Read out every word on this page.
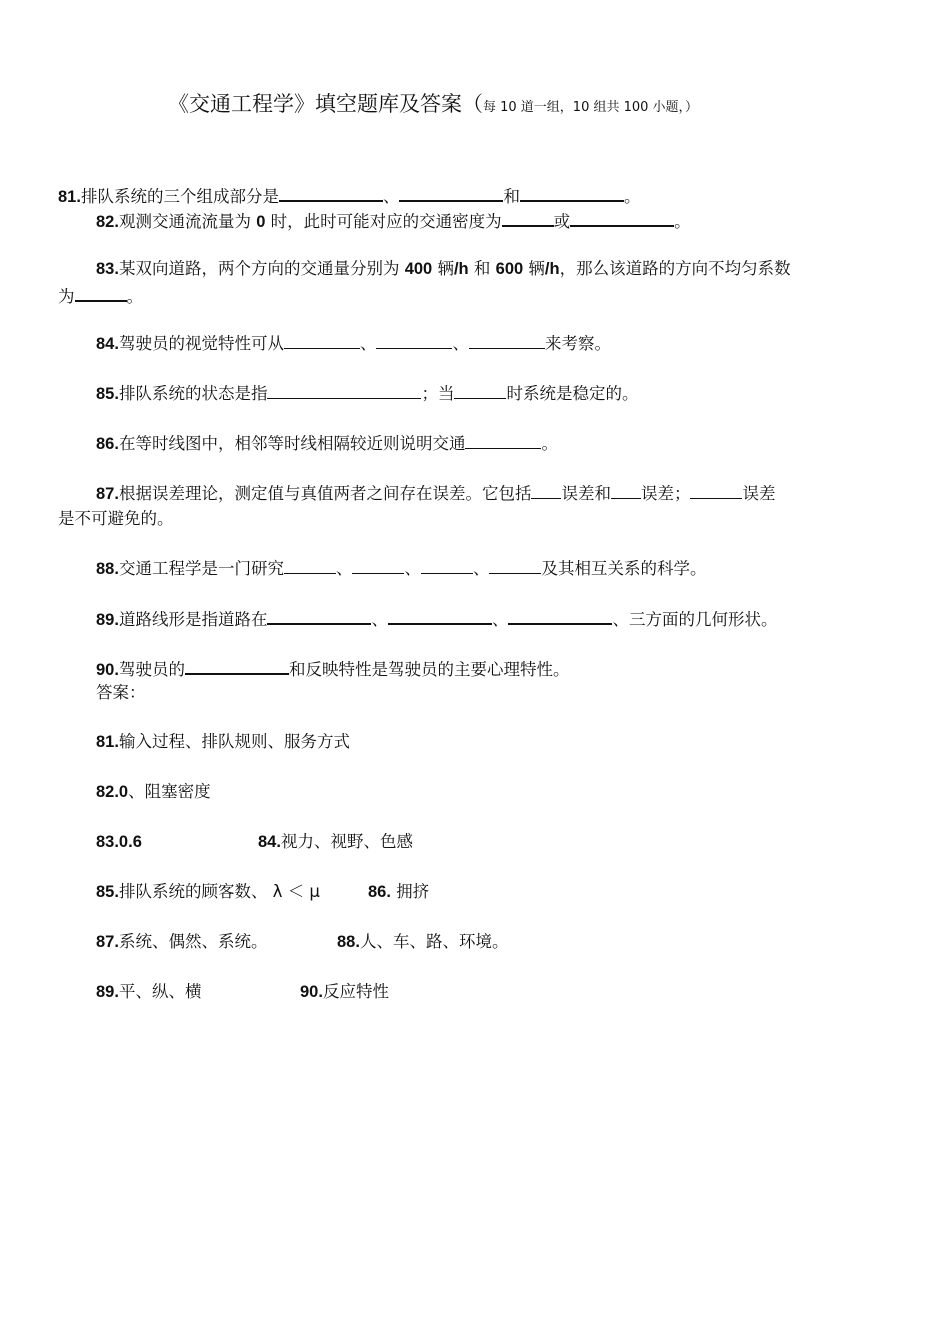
《交通工程学》填空题库及答案（每 10 道一组，10 组共 100 小题，）
81.排队系统的三个组成部分是	、	和	。
82.观测交通流流量为 0 时，此时可能对应的交通密度为	或	。
83.某双向道路，两个方向的交通量分别为 400 辆/h 和 600 辆/h，那么该道路的方向不均匀系数
为	。
84.驾驶员的视觉特性可从	、	、	来考察。
85.排队系统的状态是指	；当	时系统是稳定的。
86.在等时线图中，相邻等时线相隔较近则说明交通	。
87.根据误差理论，测定值与真值两者之间存在误差。它包括 误差和 误差；	误差
是不可避免的。
88.交通工程学是一门研究	、	、	、	及其相互关系的科学。
89.道路线形是指道路在	、	、	、三方面的几何形状。
90.驾驶员的	和反映特性是驾驶员的主要心理特性。
答案：
81.输入过程、排队规则、服务方式
82.0、阻塞密度
83.0.6	84.视力、视野、色感
85.排队系统的顾客数、 λ ＜ μ	86. 拥挤
87.系统、偶然、系统。	88.人、车、路、环境。
89.平、纵、横	90.反应特性
